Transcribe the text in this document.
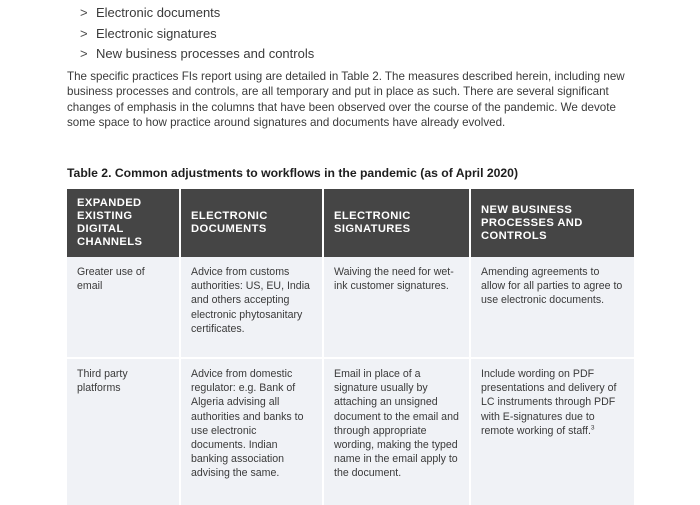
> Electronic documents
> Electronic signatures
> New business processes and controls

The specific practices FIs report using are detailed in Table 2. The measures described herein, including new business processes and controls, are all temporary and put in place as such. There are several significant changes of emphasis in the columns that have been observed over the course of the pandemic. We devote some space to how practice around signatures and documents have already evolved.

Table 2. Common adjustments to workflows in the pandemic (as of April 2020)

EXPANDED EXISTING DIGITAL CHANNELS	ELECTRONIC DOCUMENTS	ELECTRONIC SIGNATURES	NEW BUSINESS PROCESSES AND CONTROLS
Greater use of email	Advice from customs authorities: US, EU, India and others accepting electronic phytosanitary certificates.	Waiving the need for wet-ink customer signatures.	Amending agreements to allow for all parties to agree to use electronic documents.
Third party platforms	Advice from domestic regulator: e.g. Bank of Algeria advising all authorities and banks to use electronic documents. Indian banking association advising the same.	Email in place of a signature usually by attaching an unsigned document to the email and through appropriate wording, making the typed name in the email apply to the document.	Include wording on PDF presentations and delivery of LC instruments through PDF with E-signatures due to remote working of staff.$^3$
